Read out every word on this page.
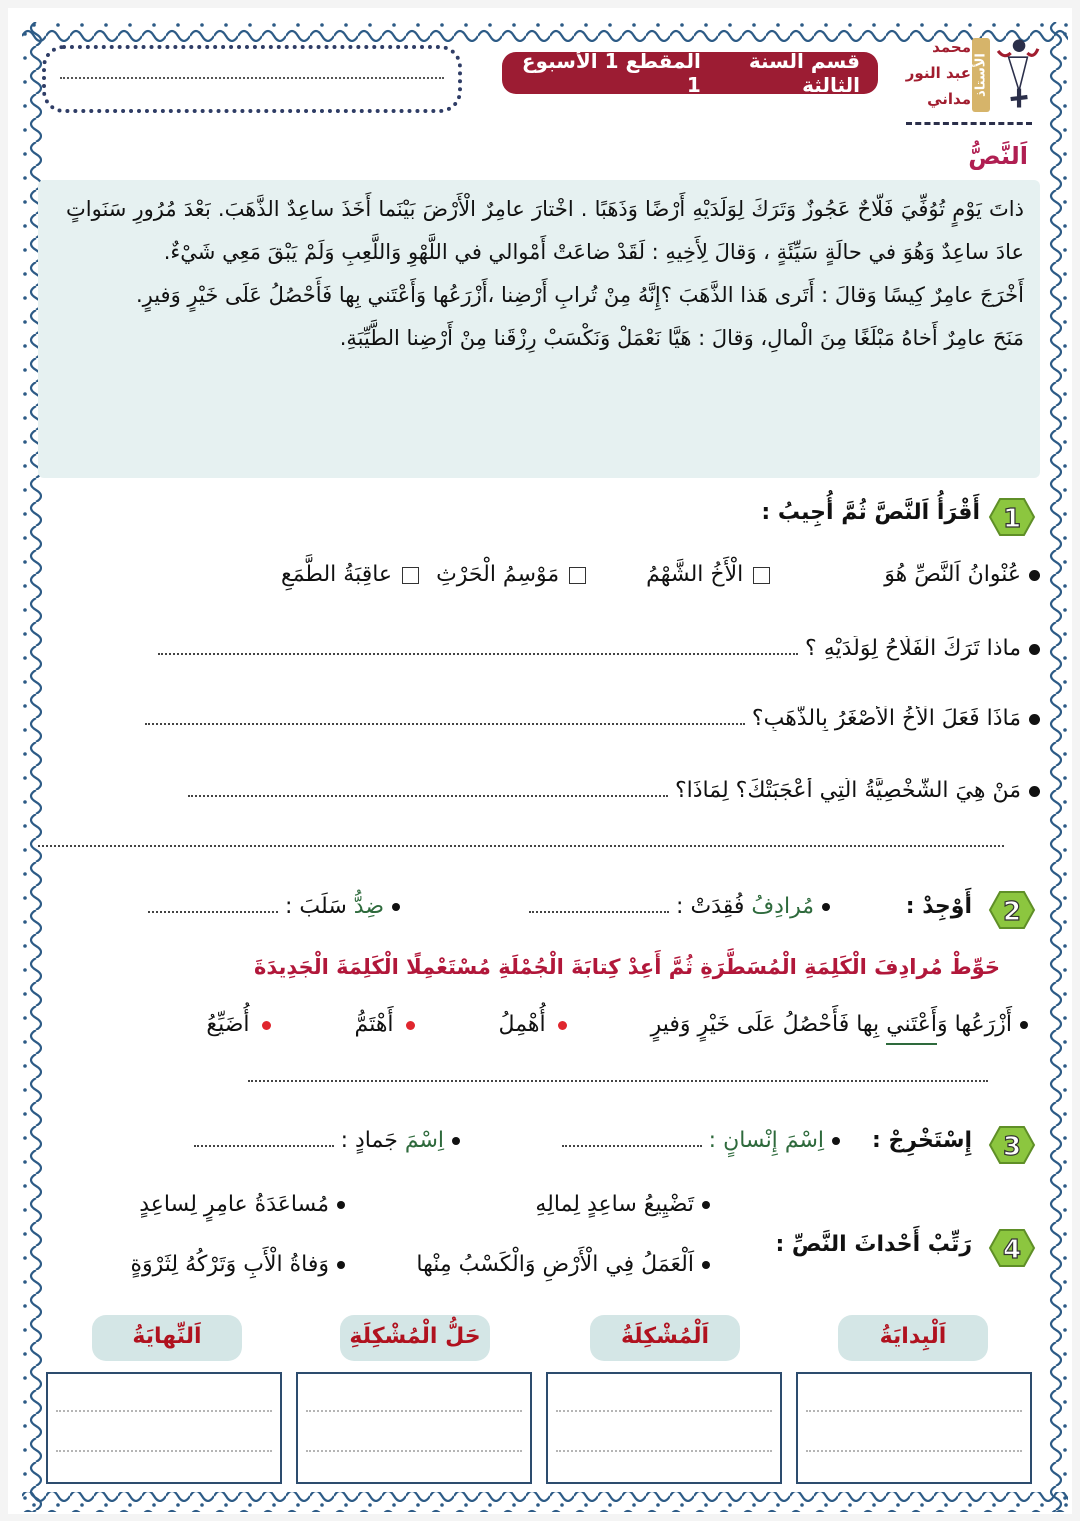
قسم السنة الثالثة
المقطع 1 الأسبوع 1
محمد
عبد النور
مداني
الأستاذ
اَلنَّصُّ

ذاتَ يَوْمٍ تُوُفِّيَ فَلّاحٌ عَجُوزٌ وَتَرَكَ لِوَلَدَيْهِ أَرْضًا وَذَهَبًا . اخْتارَ عامِرٌ الْأَرْضَ بَيْنَما أَخَذَ ساعِدٌ الذَّهَبَ. بَعْدَ مُرُورِ سَنَواتٍ عادَ ساعِدٌ وَهُوَ في حالَةٍ سَيِّئَةٍ ، وَقالَ لِأَخِيهِ : لَقَدْ ضاعَتْ أَمْوالي في اللَّهْوِ وَاللَّعِبِ وَلَمْ يَبْقَ مَعِي شَيْءٌ.

أَخْرَجَ عامِرٌ كِيسًا وَقالَ : أَتَرى هَذا الذَّهَبَ ؟إِنَّهُ مِنْ تُرابِ أَرْضِنا ،أَزْرَعُها وَأَعْتَني بِها فَأَحْصُلُ عَلَى خَيْرٍ وَفيرٍ.

مَنَحَ عامِرٌ أَخاهُ مَبْلَغًا مِنَ الْمالِ، وَقالَ : هَيَّا نَعْمَلْ وَنَكْسَبْ رِزْقَنا مِنْ أَرْضِنا الطَّيِّبَةِ.

1
أَقْرَأُ اَلنَّصَّ ثُمَّ أُجِيبُ :
عُنْوانُ اَلنَّصِّ هُوَ  الْأَخُ الشَّهْمُ  مَوْسِمُ الْحَرْثِ عاقِبَةُ الطَّمَعِ
ماذا تَرَكَ الْفَلّاحُ لِوَلَدَيْهِ ؟
مَاذَا فَعَلَ الْأَخُ الْأَصْغَرُ بِالذَّهَبِ؟
مَنْ هِيَ الشَّخْصِيَّةُ الَّتِي أَعْجَبَتْكَ؟ لِمَاذَا؟
2
أَوْجِدْ :
مُرادِفُ فُقِدَتْ :
ضِدُّ سَلَبَ :
حَوِّطْ مُرادِفَ الْكَلِمَةِ الْمُسَطَّرَةِ ثُمَّ أَعِدْ كِتابَةَ الْجُمْلَةِ مُسْتَعْمِلًا الْكَلِمَةَ الْجَدِيدَةَ
أَزْرَعُها وَأَعْتَني بِها فَأَحْصُلُ عَلَى خَيْرٍ وَفيرٍ  أُهْمِلُ  أَهْتَمُّ  أُضَيِّعُ
3
إِسْتَخْرِجْ :
اِسْمَ إِنْسانٍ :
اِسْمَ جَمادٍ :
4
رَتِّبْ أَحْداثَ النَّصِّ :
تَضْيِيعُ ساعِدٍ لِمالِهِ
مُساعَدَةُ عامِرٍ لِساعِدٍ
اَلْعَمَلُ فِي الْأَرْضِ وَالْكَسْبُ مِنْها
وَفاةُ الْأَبِ وَتَرْكُهُ لِثَرْوَةٍ
اَلْبِدايَةُ
اَلْمُشْكِلَةُ
حَلُّ الْمُشْكِلَةِ
اَلنِّهايَةُ
